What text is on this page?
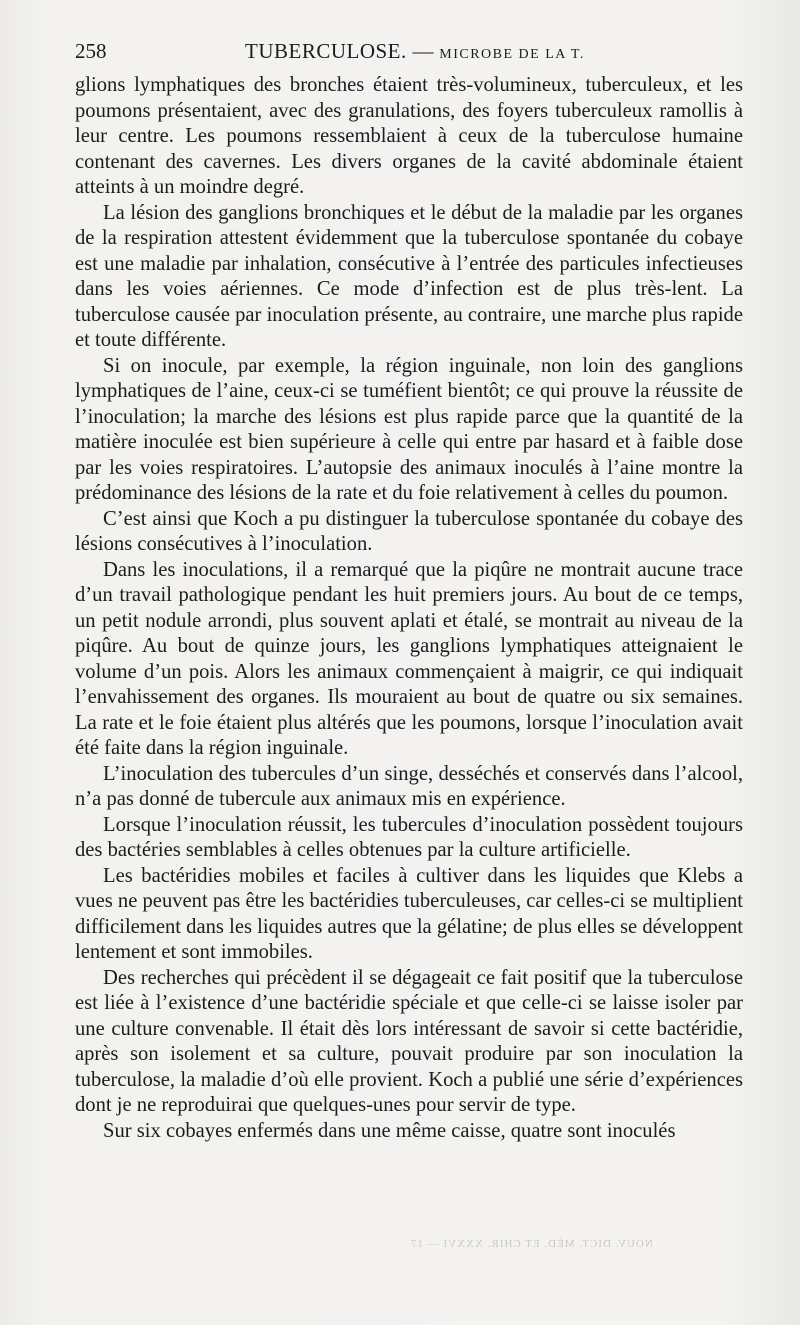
258	TUBERCULOSE. — MICROBE DE LA T.

glions lymphatiques des bronches étaient très-volumineux, tuberculeux, et les poumons présentaient, avec des granulations, des foyers tuberculeux ramollis à leur centre. Les poumons ressemblaient à ceux de la tuberculose humaine contenant des cavernes. Les divers organes de la cavité abdominale étaient atteints à un moindre degré.

La lésion des ganglions bronchiques et le début de la maladie par les organes de la respiration attestent évidemment que la tuberculose spontanée du cobaye est une maladie par inhalation, consécutive à l’entrée des particules infectieuses dans les voies aériennes. Ce mode d’infection est de plus très-lent. La tuberculose causée par inoculation présente, au contraire, une marche plus rapide et toute différente.

Si on inocule, par exemple, la région inguinale, non loin des ganglions lymphatiques de l’aine, ceux-ci se tuméfient bientôt; ce qui prouve la réussite de l’inoculation; la marche des lésions est plus rapide parce que la quantité de la matière inoculée est bien supérieure à celle qui entre par hasard et à faible dose par les voies respiratoires. L’autopsie des animaux inoculés à l’aine montre la prédominance des lésions de la rate et du foie relativement à celles du poumon.

C’est ainsi que Koch a pu distinguer la tuberculose spontanée du cobaye des lésions consécutives à l’inoculation.

Dans les inoculations, il a remarqué que la piqûre ne montrait aucune trace d’un travail pathologique pendant les huit premiers jours. Au bout de ce temps, un petit nodule arrondi, plus souvent aplati et étalé, se montrait au niveau de la piqûre. Au bout de quinze jours, les ganglions lymphatiques atteignaient le volume d’un pois. Alors les animaux commençaient à maigrir, ce qui indiquait l’envahissement des organes. Ils mouraient au bout de quatre ou six semaines. La rate et le foie étaient plus altérés que les poumons, lorsque l’inoculation avait été faite dans la région inguinale.

L’inoculation des tubercules d’un singe, desséchés et conservés dans l’alcool, n’a pas donné de tubercule aux animaux mis en expérience.

Lorsque l’inoculation réussit, les tubercules d’inoculation possèdent toujours des bactéries semblables à celles obtenues par la culture artificielle.

Les bactéridies mobiles et faciles à cultiver dans les liquides que Klebs a vues ne peuvent pas être les bactéridies tuberculeuses, car celles-ci se multiplient difficilement dans les liquides autres que la gélatine; de plus elles se développent lentement et sont immobiles.

Des recherches qui précèdent il se dégageait ce fait positif que la tuberculose est liée à l’existence d’une bactéridie spéciale et que celle-ci se laisse isoler par une culture convenable. Il était dès lors intéressant de savoir si cette bactéridie, après son isolement et sa culture, pouvait produire par son inoculation la tuberculose, la maladie d’où elle provient. Koch a publié une série d’expériences dont je ne reproduirai que quelques-unes pour servir de type.

Sur six cobayes enfermés dans une même caisse, quatre sont inoculés

NOUV. DICT. MÉD. ET CHIR. XXXVI — 17
